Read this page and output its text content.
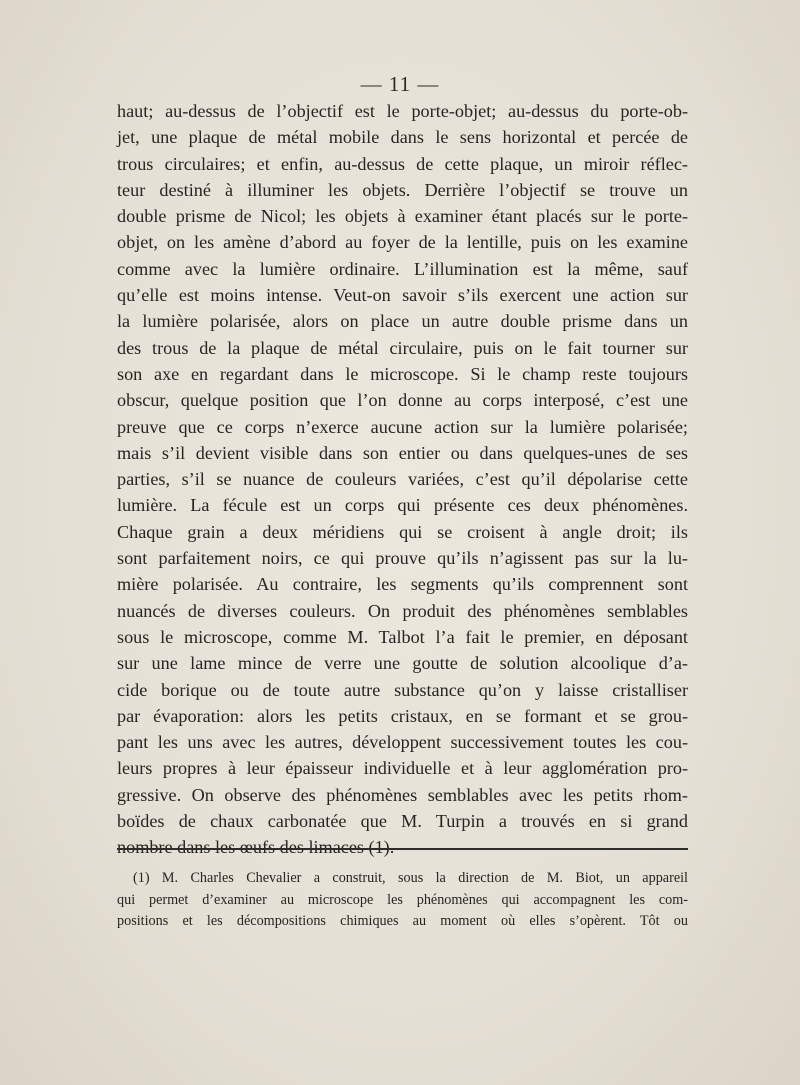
— 11 —
haut; au-dessus de l’objectif est le porte-objet; au-dessus du porte-ob-
jet, une plaque de métal mobile dans le sens horizontal et percée de
trous circulaires; et enfin, au-dessus de cette plaque, un miroir réflec-
teur destiné à illuminer les objets. Derrière l’objectif se trouve un
double prisme de Nicol; les objets à examiner étant placés sur le porte-
objet, on les amène d’abord au foyer de la lentille, puis on les examine
comme avec la lumière ordinaire. L’illumination est la même, sauf
qu’elle est moins intense. Veut-on savoir s’ils exercent une action sur
la lumière polarisée, alors on place un autre double prisme dans un
des trous de la plaque de métal circulaire, puis on le fait tourner sur
son axe en regardant dans le microscope. Si le champ reste toujours
obscur, quelque position que l’on donne au corps interposé, c’est une
preuve que ce corps n’exerce aucune action sur la lumière polarisée;
mais s’il devient visible dans son entier ou dans quelques-unes de ses
parties, s’il se nuance de couleurs variées, c’est qu’il dépolarise cette
lumière. La fécule est un corps qui présente ces deux phénomènes.
Chaque grain a deux méridiens qui se croisent à angle droit; ils
sont parfaitement noirs, ce qui prouve qu’ils n’agissent pas sur la lu-
mière polarisée. Au contraire, les segments qu’ils comprennent sont
nuancés de diverses couleurs. On produit des phénomènes semblables
sous le microscope, comme M. Talbot l’a fait le premier, en déposant
sur une lame mince de verre une goutte de solution alcoolique d’a-
cide borique ou de toute autre substance qu’on y laisse cristalliser
par évaporation: alors les petits cristaux, en se formant et se grou-
pant les uns avec les autres, développent successivement toutes les cou-
leurs propres à leur épaisseur individuelle et à leur agglomération pro-
gressive. On observe des phénomènes semblables avec les petits rhom-
boïdes de chaux carbonatée que M. Turpin a trouvés en si grand
nombre dans les œufs des limaces (1).
(1) M. Charles Chevalier a construit, sous la direction de M. Biot, un appareil
qui permet d’examiner au microscope les phénomènes qui accompagnent les com-
positions et les décompositions chimiques au moment où elles s’opèrent. Tôt ou
